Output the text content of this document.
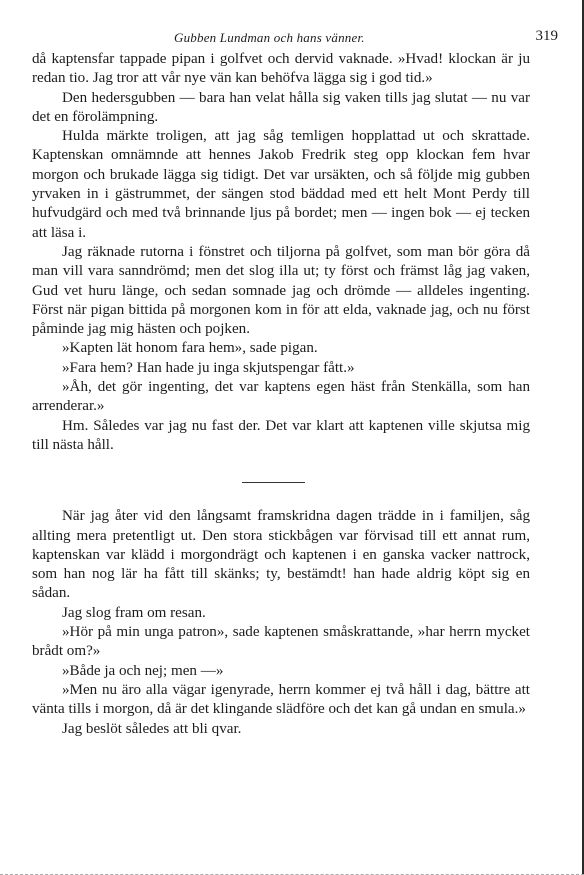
Gubben Lundman och hans vänner.	319

då kaptensfar tappade pipan i golfvet och dervid vaknade. »Hvad! klockan är ju redan tio. Jag tror att vår nye vän kan behöfva lägga sig i god tid.»

Den hedersgubben — bara han velat hålla sig vaken tills jag slutat — nu var det en förolämpning.

Hulda märkte troligen, att jag såg temligen hopplattad ut och skrattade. Kaptenskan omnämnde att hennes Jakob Fredrik steg opp klockan fem hvar morgon och brukade lägga sig tidigt. Det var ursäkten, och så följde mig gubben yrvaken in i gästrummet, der sängen stod bäddad med ett helt Mont Perdy till hufvudgärd och med två brinnande ljus på bordet; men — ingen bok — ej tecken att läsa i.

Jag räknade rutorna i fönstret och tiljorna på golfvet, som man bör göra då man vill vara sanndrömd; men det slog illa ut; ty först och främst låg jag vaken, Gud vet huru länge, och sedan somnade jag och drömde — alldeles ingenting. Först när pigan bittida på morgonen kom in för att elda, vaknade jag, och nu först påminde jag mig hästen och pojken.

»Kapten lät honom fara hem», sade pigan.

»Fara hem? Han hade ju inga skjutspengar fått.»

»Åh, det gör ingenting, det var kaptens egen häst från Stenkälla, som han arrenderar.»

Hm. Således var jag nu fast der. Det var klart att kaptenen ville skjutsa mig till nästa håll.

När jag åter vid den långsamt framskridna dagen trädde in i familjen, såg allting mera pretentligt ut. Den stora stickbågen var förvisad till ett annat rum, kaptenskan var klädd i morgondrägt och kaptenen i en ganska vacker nattrock, som han nog lär ha fått till skänks; ty, bestämdt! han hade aldrig köpt sig en sådan.

Jag slog fram om resan.

»Hör på min unga patron», sade kaptenen småskrattande, »har herrn mycket brådt om?»

»Både ja och nej; men —»

»Men nu äro alla vägar igenyrade, herrn kommer ej två håll i dag, bättre att vänta tills i morgon, då är det klingande slädföre och det kan gå undan en smula.»

Jag beslöt således att bli qvar.
